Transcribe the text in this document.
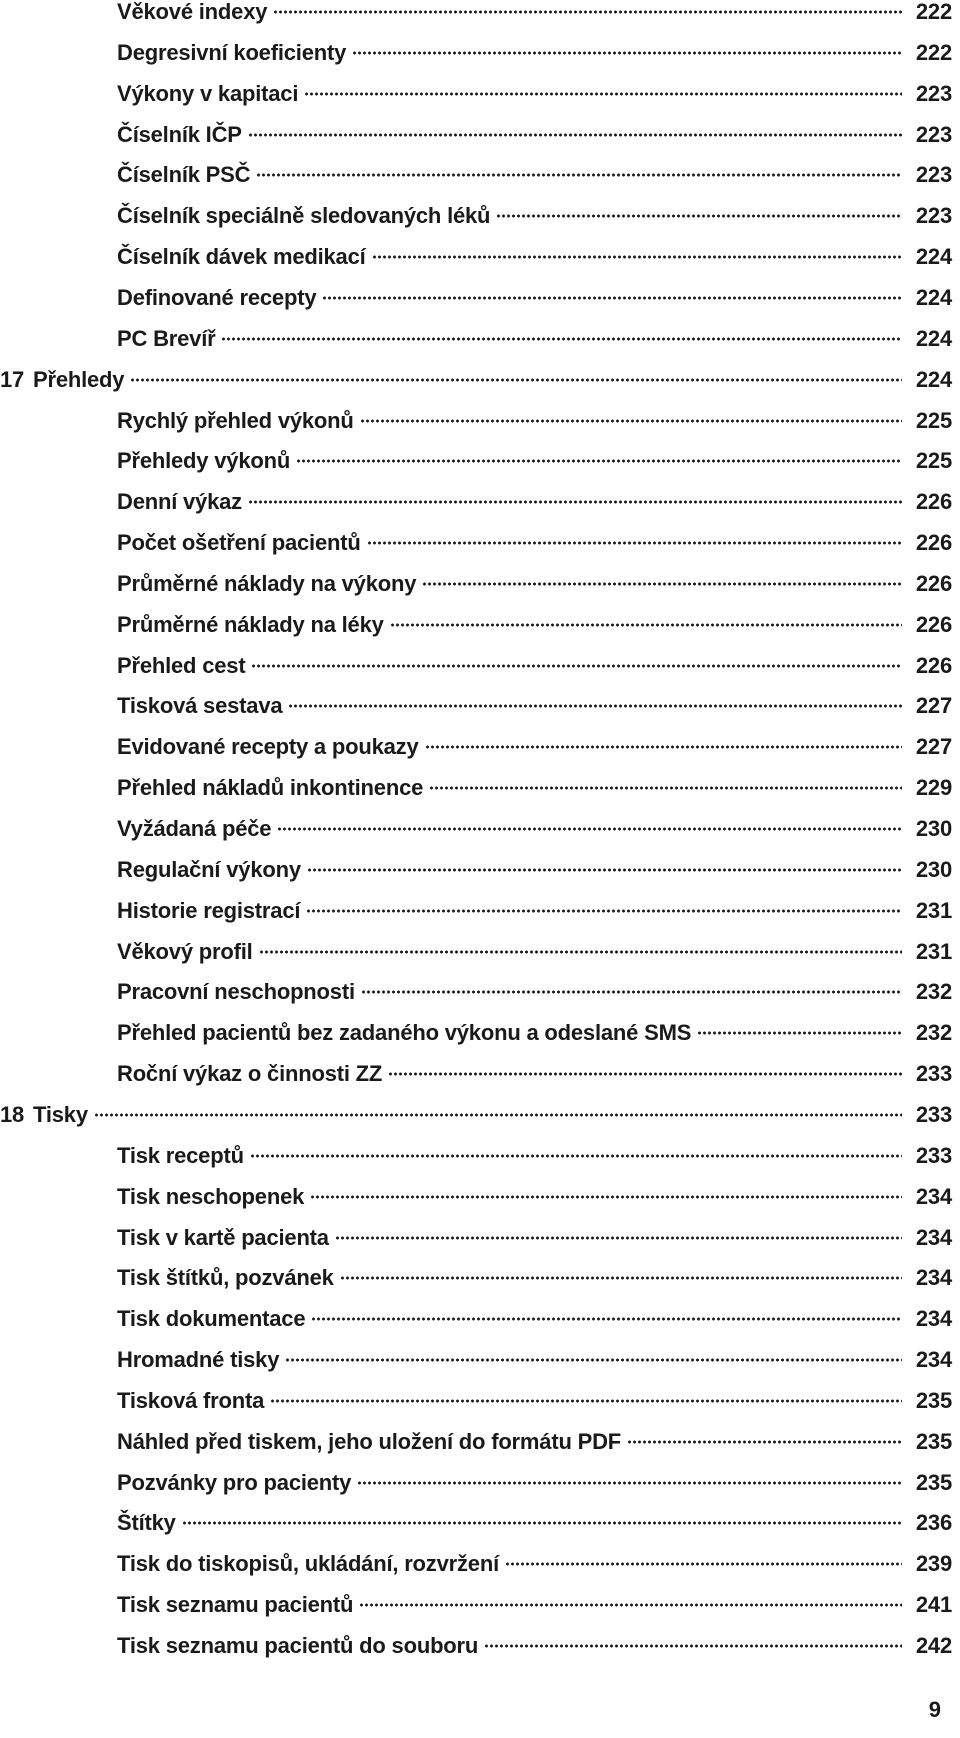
Věkové indexy	222
Degresivní koeficienty	222
Výkony v kapitaci	223
Číselník IČP	223
Číselník PSČ	223
Číselník speciálně sledovaných léků	223
Číselník dávek medikací	224
Definované recepty	224
PC Brevíř	224
17 Přehledy	224
Rychlý přehled výkonů	225
Přehledy výkonů	225
Denní výkaz	226
Počet ošetření pacientů	226
Průměrné náklady na výkony	226
Průměrné náklady na léky	226
Přehled cest	226
Tisková sestava	227
Evidované recepty a poukazy	227
Přehled nákladů inkontinence	229
Vyžádaná péče	230
Regulační výkony	230
Historie registrací	231
Věkový profil	231
Pracovní neschopnosti	232
Přehled pacientů bez zadaného výkonu a odeslané SMS	232
Roční výkaz o činnosti ZZ	233
18 Tisky	233
Tisk receptů	233
Tisk neschopenek	234
Tisk v kartě pacienta	234
Tisk štítků, pozvánek	234
Tisk dokumentace	234
Hromadné tisky	234
Tisková fronta	235
Náhled před tiskem, jeho uložení do formátu PDF	235
Pozvánky pro pacienty	235
Štítky	236
Tisk do tiskopisů, ukládání, rozvržení	239
Tisk seznamu pacientů	241
Tisk seznamu pacientů do souboru	242
9
